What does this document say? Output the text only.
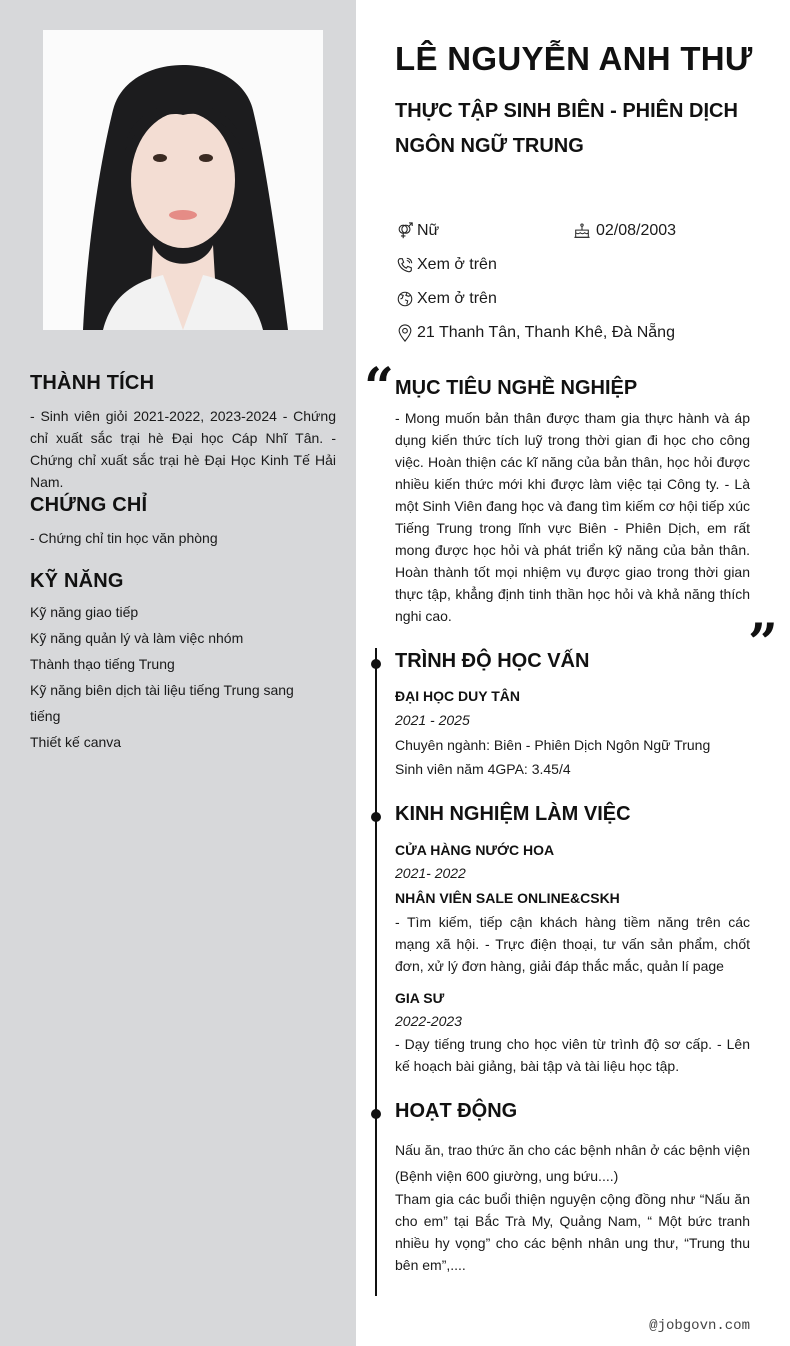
THÀNH TÍCH
- Sinh viên giỏi 2021-2022, 2023-2024 - Chứng chỉ xuất sắc trại hè Đại học Cáp Nhĩ Tân. - Chứng chỉ xuất sắc trại hè Đại Học Kinh Tế Hải Nam.
CHỨNG CHỈ
- Chứng chỉ tin học văn phòng
KỸ NĂNG
Kỹ năng giao tiếp
Kỹ năng quản lý và làm việc nhóm
Thành thạo tiếng Trung
Kỹ năng biên dịch tài liệu tiếng Trung sang tiếng
Thiết kế canva
LÊ NGUYỄN ANH THƯ
THỰC TẬP SINH BIÊN - PHIÊN DỊCH NGÔN NGỮ TRUNG
Nữ	02/08/2003
Xem ở trên
Xem ở trên
21 Thanh Tân, Thanh Khê, Đà Nẵng
“ MỤC TIÊU NGHỀ NGHIỆP
- Mong muốn bản thân được tham gia thực hành và áp dụng kiến thức tích luỹ trong thời gian đi học cho công việc. Hoàn thiện các kĩ năng của bản thân, học hỏi được nhiều kiến thức mới khi được làm việc tại Công ty. - Là một Sinh Viên đang học và đang tìm kiếm cơ hội tiếp xúc Tiếng Trung trong lĩnh vực Biên - Phiên Dịch, em rất mong được học hỏi và phát triển kỹ năng của bản thân. Hoàn thành tốt mọi nhiệm vụ được giao trong thời gian thực tập, khẳng định tinh thần học hỏi và khả năng thích nghi cao.	”
TRÌNH ĐỘ HỌC VẤN
ĐẠI HỌC DUY TÂN
2021 - 2025
Chuyên ngành: Biên - Phiên Dịch Ngôn Ngữ Trung
Sinh viên năm 4GPA: 3.45/4
KINH NGHIỆM LÀM VIỆC
CỬA HÀNG NƯỚC HOA
2021- 2022
NHÂN VIÊN SALE ONLINE&CSKH
- Tìm kiếm, tiếp cận khách hàng tiềm năng trên các mạng xã hội. - Trực điện thoại, tư vấn sản phẩm, chốt đơn, xử lý đơn hàng, giải đáp thắc mắc, quản lí page
GIA SƯ
2022-2023
- Dạy tiếng trung cho học viên từ trình độ sơ cấp. - Lên kế hoạch bài giảng, bài tập và tài liệu học tập.
HOẠT ĐỘNG
Nấu ăn, trao thức ăn cho các bệnh nhân ở các bệnh viện (Bệnh viện 600 giường, ung bứu....)
Tham gia các buổi thiện nguyện cộng đồng như “Nấu ăn cho em” tại Bắc Trà My, Quảng Nam, “ Một bức tranh nhiều hy vọng” cho các bệnh nhân ung thư, “Trung thu bên em”,....
@jobgovn.com
